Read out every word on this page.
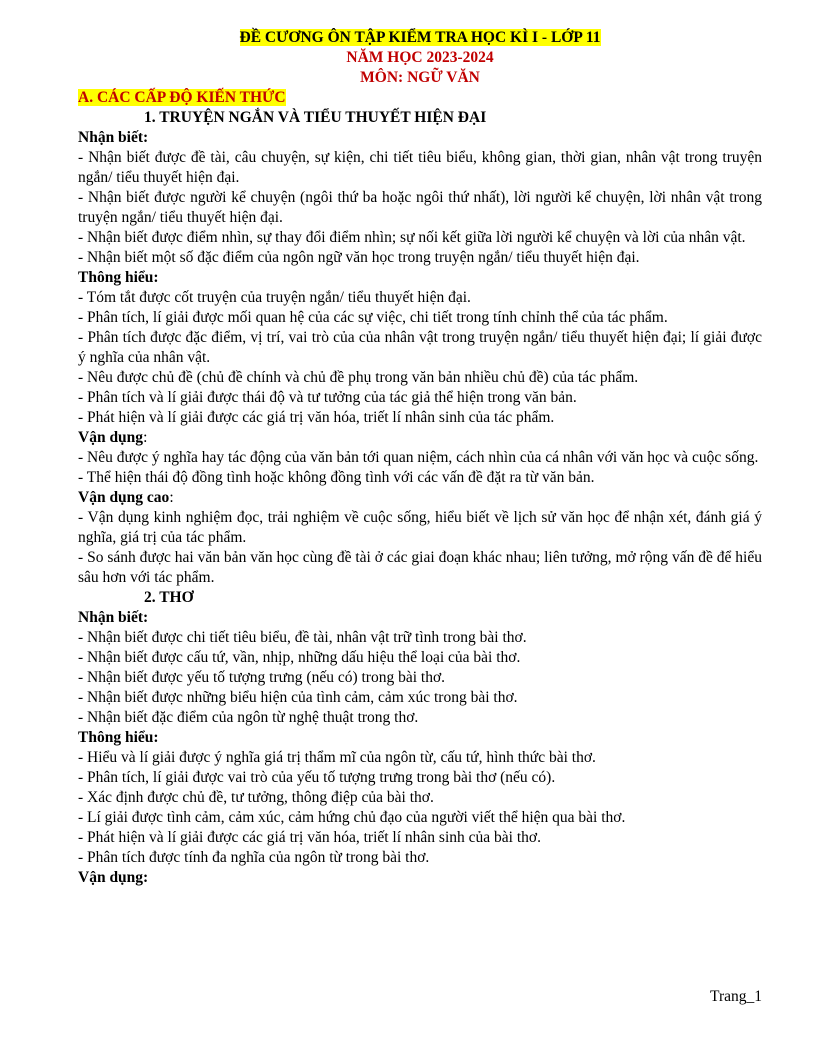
ĐỀ CƯƠNG ÔN TẬP KIỂM TRA HỌC KÌ I - LỚP 11
NĂM HỌC 2023-2024
MÔN: NGỮ VĂN
A. CÁC CẤP ĐỘ KIẾN THỨC
1. TRUYỆN NGẮN VÀ TIỂU THUYẾT HIỆN ĐẠI
Nhận biết:
- Nhận biết được đề tài, câu chuyện, sự kiện, chi tiết tiêu biểu, không gian, thời gian, nhân vật trong truyện ngắn/ tiểu thuyết hiện đại.
- Nhận biết được người kể chuyện (ngôi thứ ba hoặc ngôi thứ nhất), lời người kể chuyện, lời nhân vật trong truyện ngắn/ tiểu thuyết hiện đại.
- Nhận biết được điểm nhìn, sự thay đổi điểm nhìn; sự nối kết giữa lời người kể chuyện và lời của nhân vật.
- Nhận biết một số đặc điểm của ngôn ngữ văn học trong truyện ngắn/ tiểu thuyết hiện đại.
Thông hiểu:
- Tóm tắt được cốt truyện của truyện ngắn/ tiểu thuyết hiện đại.
- Phân tích, lí giải được mối quan hệ của các sự việc, chi tiết trong tính chỉnh thể của tác phẩm.
- Phân tích được đặc điểm, vị trí, vai trò của của nhân vật trong truyện ngắn/ tiểu thuyết hiện đại; lí giải được ý nghĩa của nhân vật.
- Nêu được chủ đề (chủ đề chính và chủ đề phụ trong văn bản nhiều chủ đề) của tác phẩm.
- Phân tích và lí giải được thái độ và tư tưởng của tác giả thể hiện trong văn bản.
- Phát hiện và lí giải được các giá trị văn hóa, triết lí nhân sinh của tác phẩm.
Vận dụng:
- Nêu được ý nghĩa hay tác động của văn bản tới quan niệm, cách nhìn của cá nhân với văn học và cuộc sống.
- Thể hiện thái độ đồng tình hoặc không đồng tình với các vấn đề đặt ra từ văn bản.
Vận dụng cao:
- Vận dụng kinh nghiệm đọc, trải nghiệm về cuộc sống, hiểu biết về lịch sử văn học để nhận xét, đánh giá ý nghĩa, giá trị của tác phẩm.
- So sánh được hai văn bản văn học cùng đề tài ở các giai đoạn khác nhau; liên tưởng, mở rộng vấn đề để hiểu sâu hơn với tác phẩm.
2. THƠ
Nhận biết:
- Nhận biết được chi tiết tiêu biểu, đề tài, nhân vật trữ tình trong bài thơ.
- Nhận biết được cấu tứ, vần, nhịp, những dấu hiệu thể loại của bài thơ.
- Nhận biết được yếu tố tượng trưng (nếu có) trong bài thơ.
- Nhận biết được những biểu hiện của tình cảm, cảm xúc trong bài thơ.
- Nhận biết đặc điểm của ngôn từ nghệ thuật trong thơ.
Thông hiểu:
- Hiểu và lí giải được ý nghĩa giá trị thẩm mĩ của ngôn từ, cấu tứ, hình thức bài thơ.
- Phân tích, lí giải được vai trò của yếu tố tượng trưng trong bài thơ (nếu có).
- Xác định được chủ đề, tư tưởng, thông điệp của bài thơ.
- Lí giải được tình cảm, cảm xúc, cảm hứng chủ đạo của người viết thể hiện qua bài thơ.
- Phát hiện và lí giải được các giá trị văn hóa, triết lí nhân sinh của bài thơ.
- Phân tích được tính đa nghĩa của ngôn từ trong bài thơ.
Vận dụng:
Trang_1
